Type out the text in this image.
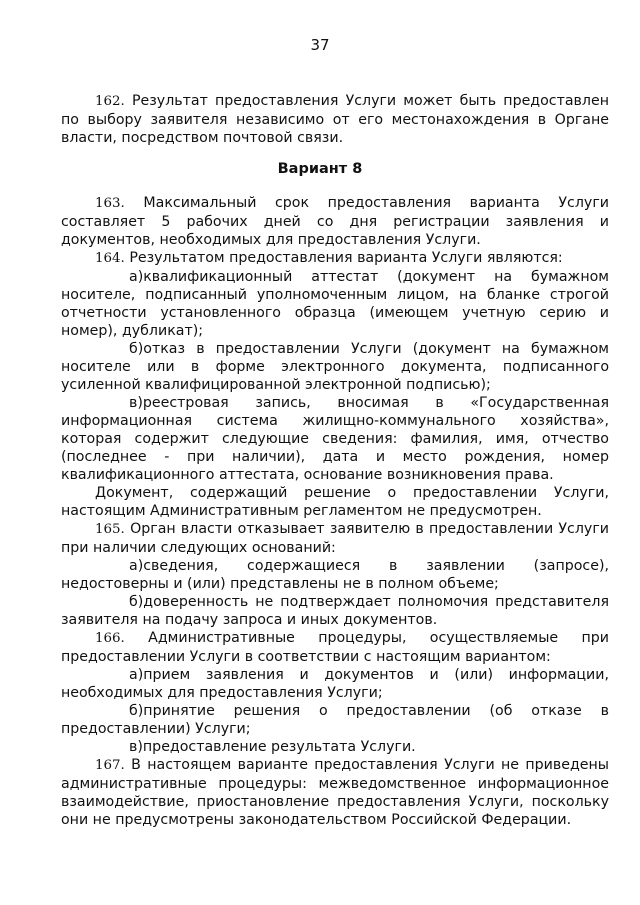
37

162. Результат предоставления Услуги может быть предоставлен по выбору заявителя независимо от его местонахождения в Органе власти, посредством почтовой связи.

Вариант 8

163. Максимальный срок предоставления варианта Услуги составляет 5 рабочих дней со дня регистрации заявления и документов, необходимых для предоставления Услуги.

164. Результатом предоставления варианта Услуги являются:

а)квалификационный аттестат (документ на бумажном носителе, подписанный уполномоченным лицом, на бланке строгой отчетности установленного образца (имеющем учетную серию и номер), дубликат);

б)отказ в предоставлении Услуги (документ на бумажном носителе или в форме электронного документа, подписанного усиленной квалифицированной электронной подписью);

в)реестровая запись, вносимая в «Государственная информационная система жилищно-коммунального хозяйства», которая содержит следующие сведения: фамилия, имя, отчество (последнее - при наличии), дата и место рождения, номер квалификационного аттестата, основание возникновения права.

Документ, содержащий решение о предоставлении Услуги, настоящим Административным регламентом не предусмотрен.

165. Орган власти отказывает заявителю в предоставлении Услуги при наличии следующих оснований:

а)сведения, содержащиеся в заявлении (запросе), недостоверны и (или) представлены не в полном объеме;

б)доверенность не подтверждает полномочия представителя заявителя на подачу запроса и иных документов.

166. Административные процедуры, осуществляемые при предоставлении Услуги в соответствии с настоящим вариантом:

а)прием заявления и документов и (или) информации, необходимых для предоставления Услуги;

б)принятие решения о предоставлении (об отказе в предоставлении) Услуги;

в)предоставление результата Услуги.

167. В настоящем варианте предоставления Услуги не приведены административные процедуры: межведомственное информационное взаимодействие, приостановление предоставления Услуги, поскольку они не предусмотрены законодательством Российской Федерации.
